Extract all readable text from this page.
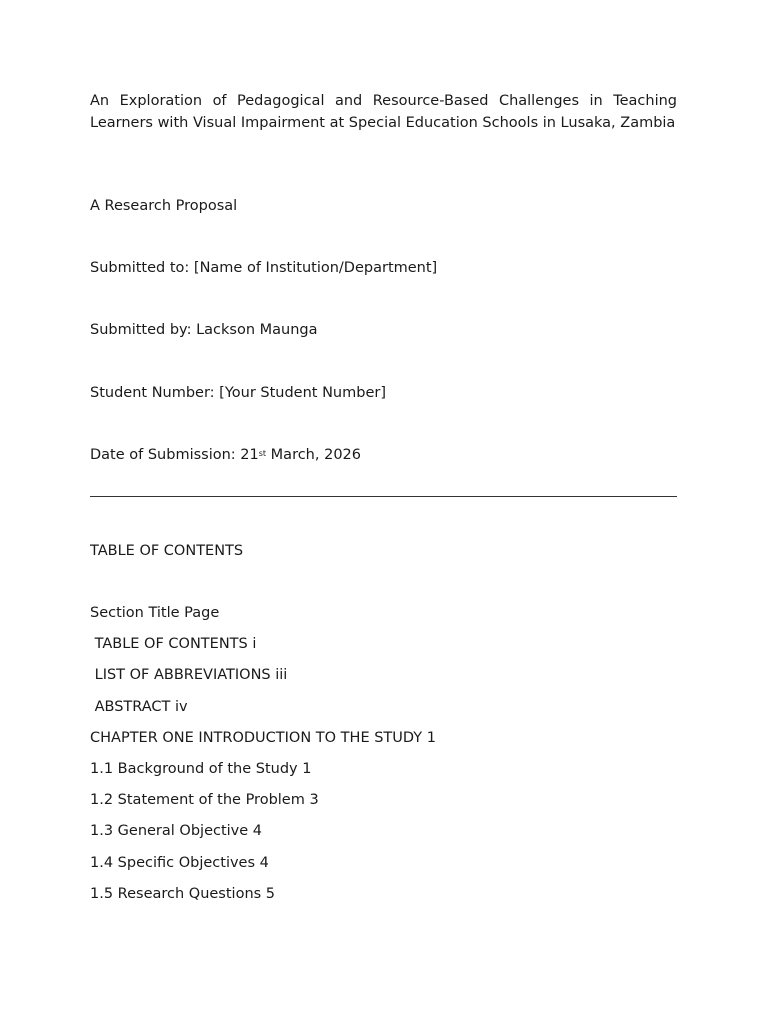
An Exploration of Pedagogical and Resource-Based Challenges in Teaching Learners with Visual Impairment at Special Education Schools in Lusaka, Zambia

A Research Proposal

Submitted to: [Name of Institution/Department]

Submitted by: Lackson Maunga

Student Number: [Your Student Number]

Date of Submission: 21st March, 2026

TABLE OF CONTENTS

Section Title Page
TABLE OF CONTENTS i
LIST OF ABBREVIATIONS iii
ABSTRACT iv
CHAPTER ONE INTRODUCTION TO THE STUDY 1
1.1 Background of the Study 1
1.2 Statement of the Problem 3
1.3 General Objective 4
1.4 Specific Objectives 4
1.5 Research Questions 5
